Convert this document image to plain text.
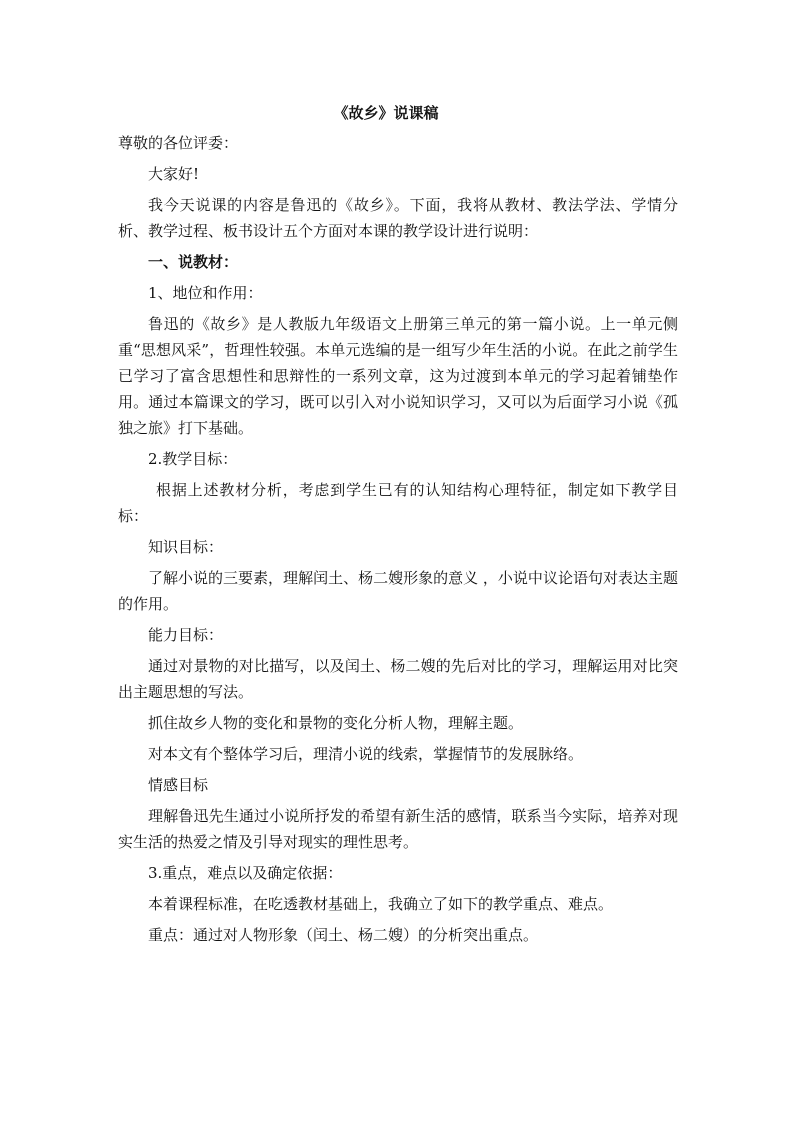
《故乡》说课稿

尊敬的各位评委：

大家好!

我今天说课的内容是鲁迅的《故乡》。下面，我将从教材、教法学法、学情分析、教学过程、板书设计五个方面对本课的教学设计进行说明：

一、说教材：

1、地位和作用：

鲁迅的《故乡》是人教版九年级语文上册第三单元的第一篇小说。上一单元侧重“思想风采”，哲理性较强。本单元选编的是一组写少年生活的小说。在此之前学生已学习了富含思想性和思辩性的一系列文章，这为过渡到本单元的学习起着铺垫作用。通过本篇课文的学习，既可以引入对小说知识学习，又可以为后面学习小说《孤独之旅》打下基础。

2.教学目标：

根据上述教材分析，考虑到学生已有的认知结构心理特征，制定如下教学目标：

知识目标：

了解小说的三要素，理解闰土、杨二嫂形象的意义 ，小说中议论语句对表达主题的作用。

能力目标：

通过对景物的对比描写，以及闰土、杨二嫂的先后对比的学习，理解运用对比突出主题思想的写法。

抓住故乡人物的变化和景物的变化分析人物，理解主题。

对本文有个整体学习后，理清小说的线索，掌握情节的发展脉络。

情感目标

理解鲁迅先生通过小说所抒发的希望有新生活的感情，联系当今实际，培养对现实生活的热爱之情及引导对现实的理性思考。

3.重点，难点以及确定依据：

本着课程标准，在吃透教材基础上，我确立了如下的教学重点、难点。

重点：通过对人物形象（闰土、杨二嫂）的分析突出重点。
